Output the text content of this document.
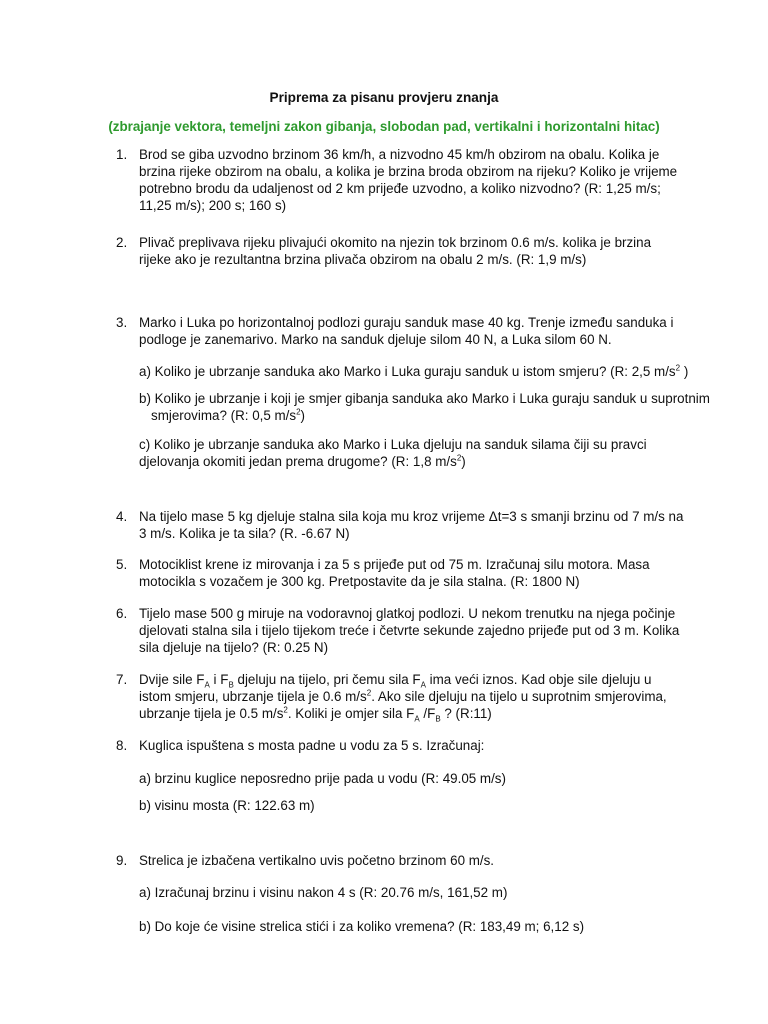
Priprema za pisanu provjeru znanja
(zbrajanje vektora, temeljni zakon gibanja, slobodan pad, vertikalni i horizontalni hitac)
1. Brod se giba uzvodno brzinom 36 km/h, a nizvodno 45 km/h obzirom na obalu. Kolika je brzina rijeke obzirom na obalu, a kolika je brzina broda obzirom na rijeku? Koliko je vrijeme potrebno brodu da udaljenost od 2 km prijeđe uzvodno, a koliko nizvodno? (R: 1,25 m/s; 11,25 m/s); 200 s; 160 s)
2. Plivač preplivava rijeku plivajući okomito na njezin tok brzinom 0.6 m/s. kolika je brzina rijeke ako je rezultantna brzina plivača obzirom na obalu 2 m/s. (R: 1,9 m/s)
3. Marko i Luka po horizontalnoj podlozi guraju sanduk mase 40 kg. Trenje između sanduka i podloge je zanemarivo. Marko na sanduk djeluje silom 40 N, a Luka silom 60 N.
a) Koliko je ubrzanje sanduka ako Marko i Luka guraju sanduk u istom smjeru? (R: 2,5 $m/s^2$ )
b) Koliko je ubrzanje i koji je smjer gibanja sanduka ako Marko i Luka guraju sanduk u suprotnim smjerovima? (R: 0,5 $m/s^2$)
c) Koliko je ubrzanje sanduka ako Marko i Luka djeluju na sanduk silama čiji su pravci djelovanja okomiti jedan prema drugome? (R: 1,8 $m/s^2$)
4. Na tijelo mase 5 kg djeluje stalna sila koja mu kroz vrijeme Δt=3 s smanji brzinu od 7 m/s na 3 m/s. Kolika je ta sila? (R. -6.67 N)
5. Motociklist krene iz mirovanja i za 5 s prijeđe put od 75 m. Izračunaj silu motora. Masa motocikla s vozačem je 300 kg. Pretpostavite da je sila stalna. (R: 1800 N)
6. Tijelo mase 500 g miruje na vodoravnoj glatkoj podlozi. U nekom trenutku na njega počinje djelovati stalna sila i tijelo tijekom treće i četvrte sekunde zajedno prijeđe put od 3 m. Kolika sila djeluje na tijelo? (R: 0.25 N)
7. Dvije sile $F_A$ i $F_B$ djeluju na tijelo, pri čemu sila $F_A$ ima veći iznos. Kad obje sile djeluju u istom smjeru, ubrzanje tijela je 0.6 $m/s^2$. Ako sile djeluju na tijelo u suprotnim smjerovima, ubrzanje tijela je 0.5 $m/s^2$. Koliki je omjer sila $F_A$ $/F_B$ ? (R:11)
8. Kuglica ispuštena s mosta padne u vodu za 5 s. Izračunaj:
a) brzinu kuglice neposredno prije pada u vodu (R: 49.05 m/s)
b) visinu mosta (R: 122.63 m)
9. Strelica je izbačena vertikalno uvis početno brzinom 60 m/s.
a) Izračunaj brzinu i visinu nakon 4 s (R: 20.76 m/s, 161,52 m)
b) Do koje će visine strelica stići i za koliko vremena? (R: 183,49 m; 6,12 s)
